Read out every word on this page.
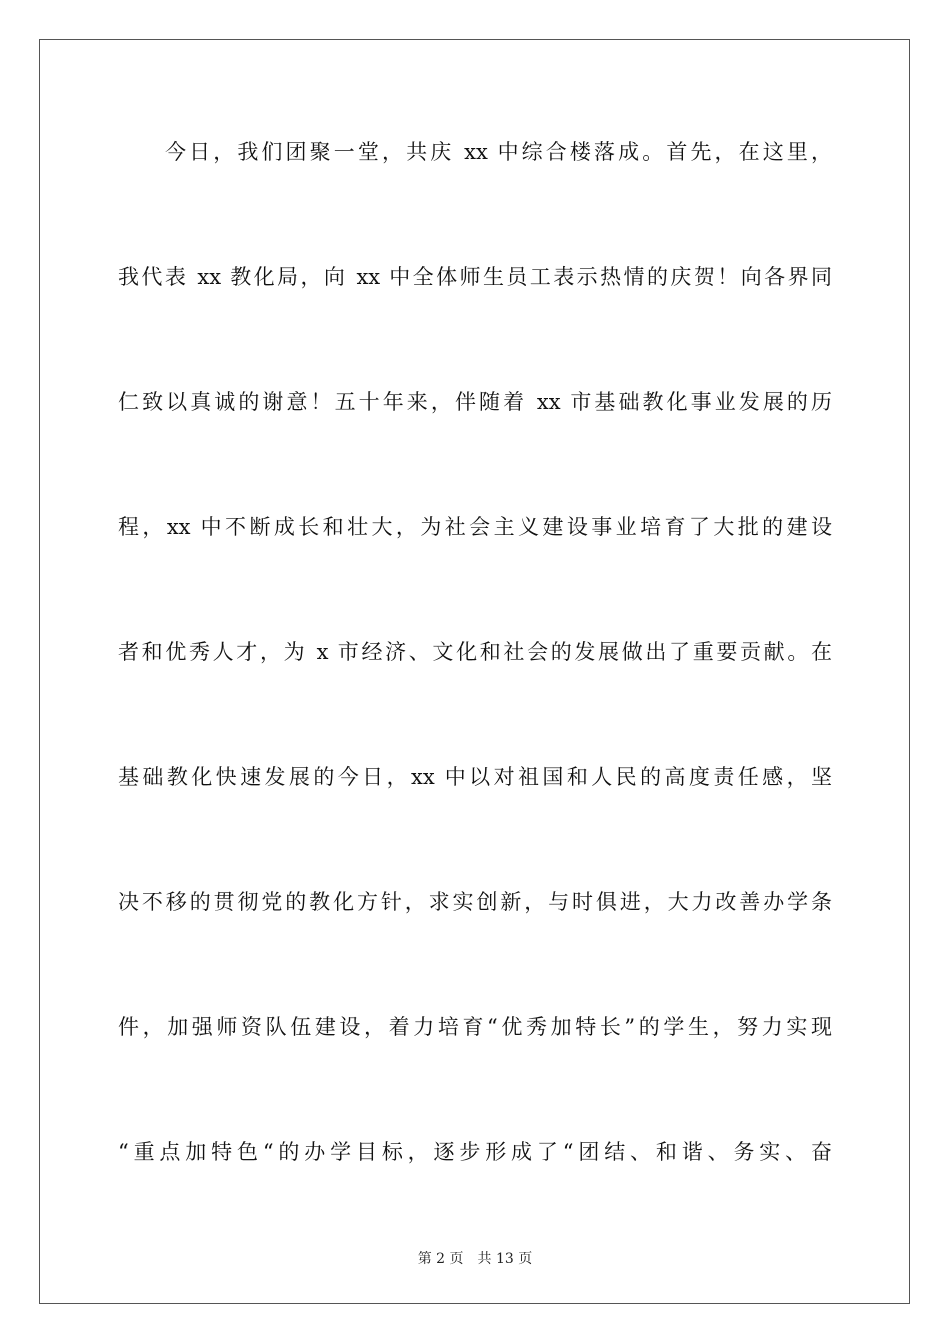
今日，我们团聚一堂，共庆 xx 中综合楼落成。首先，在这里，
我代表 xx 教化局，向 xx 中全体师生员工表示热情的庆贺！向各界同
仁致以真诚的谢意！五十年来，伴随着 xx 市基础教化事业发展的历
程，xx 中不断成长和壮大，为社会主义建设事业培育了大批的建设
者和优秀人才，为 x 市经济、文化和社会的发展做出了重要贡献。在
基础教化快速发展的今日，xx 中以对祖国和人民的高度责任感，坚
决不移的贯彻党的教化方针，求实创新，与时俱进，大力改善办学条
件，加强师资队伍建设，着力培育“优秀加特长”的学生，努力实现
“重点加特色“的办学目标，逐步形成了“团结、和谐、务实、奋
第 2 页　共 13 页
